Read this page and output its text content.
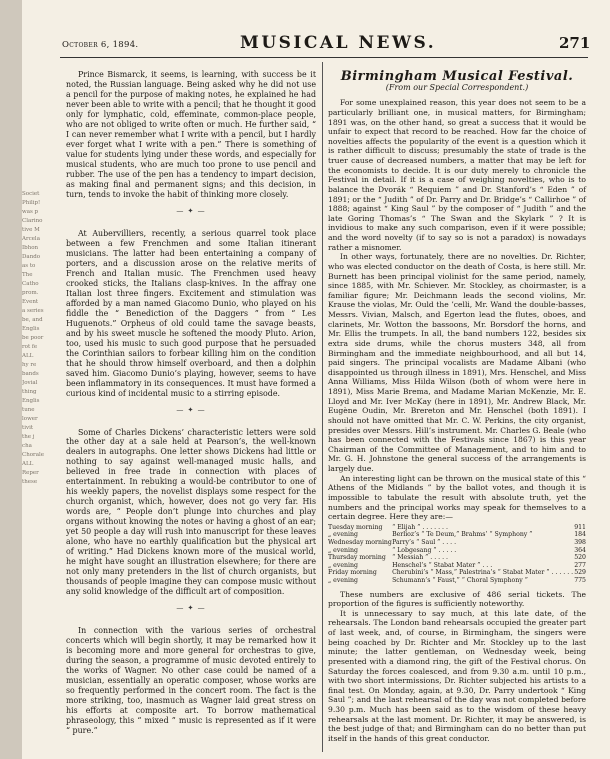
Societ
Philip!
was p
Clarino
tive M
Arcela
Ibhon
Dando
as to
The
Catho
prom.
Event
a series
be, and
Englis
be poor
rot fe
ALL
hy re
bands
Jovial
thing
Englis
tune
lower
tivit
the j
cha
Chorale
ALL
Reper
these
October 6, 1894.	MUSICAL NEWS.	271

Prince Bismarck, it seems, is learning, with success be it noted, the Russian language. Being asked why he did not use a pencil for the purpose of making notes, he explained he had never been able to write with a pencil; that he thought it good only for lymphatic, cold, effeminate, common-place people, who are not obliged to write often or much. He further said, “ I can never remember what I write with a pencil, but I hardly ever forget what I write with a pen.” There is something of value for students lying under these words, and especially for musical students, who are much too prone to use pencil and rubber. The use of the pen has a tendency to impart decision, as making final and permanent signs; and this decision, in turn, tends to invoke the habit of thinking more closely.

— ✦ —

At Aubervilliers, recently, a serious quarrel took place between a few Frenchmen and some Italian itinerant musicians. The latter had been entertaining a company of porters, and a discussion arose on the relative merits of French and Italian music. The Frenchmen used heavy crooked sticks, the Italians clasp-knives. In the affray one Italian lost three fingers. Excitement and stimulation was afforded by a man named Giacomo Dunio, who played on his fiddle the “ Benediction of the Daggers ” from “ Les Huguenots.” Orpheus of old could tame the savage beasts, and by his sweet muscle he softened the moody Pluto. Arion, too, used his music to such good purpose that he persuaded the Corinthian sailors to forbear killing him on the condition that he should throw himself overboard, and then a dolphin saved him. Giacomo Dunio’s playing, however, seems to have been inflammatory in its consequences. It must have formed a curious kind of incidental music to a stirring episode.

— ✦ —

Some of Charles Dickens’ characteristic letters were sold the other day at a sale held at Pearson’s, the well-known dealers in autographs. One letter shows Dickens had little or nothing to say against well-managed music halls, and believed in free trade in connection with places of entertainment. In rebuking a would-be contributor to one of his weekly papers, the novelist displays some respect for the church organist, which, however, does not go very far. His words are, “ People don’t plunge into churches and play organs without knowing the notes or having a ghost of an ear; yet 50 people a day will rush into manuscript for these leaves alone, who have no earthly qualification but the physical art of writing.” Had Dickens known more of the musical world, he might have sought an illustration elsewhere; for there are not only many pretenders in the list of church organists, but thousands of people imagine they can compose music without any solid knowledge of the difficult art of composition.

— ✦ —

In connection with the various series of orchestral concerts which will begin shortly, it may be remarked how it is becoming more and more general for orchestras to give, during the season, a programme of music devoted entirely to the works of Wagner. No other case could be named of a musician, essentially an operatic composer, whose works are so frequently performed in the concert room. The fact is the more striking, too, inasmuch as Wagner laid great stress on his efforts at composite art. To borrow mathematical phraseology, this “ mixed ” music is represented as if it were “ pure.”

Birmingham Musical Festival.
(From our Special Correspondent.)

For some unexplained reason, this year does not seem to be a particularly brilliant one, in musical matters, for Birmingham; 1891 was, on the other hand, so great a success that it would be unfair to expect that record to be reached. How far the choice of novelties affects the popularity of the event is a question which it is rather difficult to discuss; presumably the state of trade is the truer cause of decreased numbers, a matter that may be left for the economists to decide. It is our duty merely to chronicle the Festival in detail. If it is a case of weighing novelties, who is to balance the Dvorák “ Requiem ” and Dr. Stanford’s “ Eden ” of 1891; or the “ Judith ” of Dr. Parry and Dr. Bridge’s “ Callirhoe ” of 1888; against “ King Saul ” by the composer of “ Judith ” and the late Goring Thomas’s “ The Swan and the Skylark ” ? It is invidious to make any such comparison, even if it were possible; and the word novelty (if to say so is not a paradox) is nowadays rather a misnomer.

In other ways, fortunately, there are no novelties. Dr. Richter, who was elected conductor on the death of Costa, is here still. Mr. Burnett has been principal violinist for the same period, namely, since 1885, with Mr. Schiever. Mr. Stockley, as choirmaster, is a familiar figure; Mr. Deichmann leads the second violins, Mr. Krause the violas, Mr. Ould the ’celli, Mr. Wand the double-basses, Messrs. Vivian, Malsch, and Egerton lead the flutes, oboes, and clarinets, Mr. Wotton the bassoons, Mr. Borsdorf the horns, and Mr. Ellis the trumpets. In all, the band numbers 122, besides six extra side drums, while the chorus musters 348, all from Birmingham and the immediate neighbourhood, and all but 14, paid singers. The principal vocalists are Madame Albani (who disappointed us through illness in 1891), Mrs. Henschel, and Miss Anna Williams, Miss Hilda Wilson (both of whom were here in 1891), Miss Marie Brema, and Madame Marian McKenzie, Mr. E. Lloyd and Mr. Iver McKay (here in 1891), Mr. Andrew Black, Mr. Eugène Oudin, Mr. Brereton and Mr. Henschel (both 1891). I should not have omitted that Mr. C. W. Perkins, the city organist, presides over Messrs. Hill’s instrument. Mr. Charles G. Beale (who has been connected with the Festivals since 1867) is this year Chairman of the Committee of Management, and to him and to Mr. G. H. Johnstone the general success of the arrangements is largely due.

An interesting light can be thrown on the musical state of this “ Athens of the Midlands ” by the ballot votes, and though it is impossible to tabulate the result with absolute truth, yet the numbers and the principal works may speak for themselves to a certain degree. Here they are:—

Tuesday morning	“ Elijah ” . . . . . . .	911
„ evening	Berlioz’s “ Te Deum,” Brahms’ “ Symphony ”	184
Wednesday morning	Parry’s “ Saul ” . . . .	398
„ evening	“ Lobgesang ” . . . . .	364
Thursday morning	“ Messiah ” . . . . .	520
„ evening	Henschel’s “ Stabat Mater ” . . .	277
Friday morning	Cherubini’s “ Mass,” Palestrina’s “ Stabat Mater ” . . . . . .	529
„ evening	Schumann’s “ Faust,” “ Choral Symphony ”	775

These numbers are exclusive of 486 serial tickets. The proportion of the figures is sufficiently noteworthy.

It is unnecessary to say much, at this late date, of the rehearsals. The London band rehearsals occupied the greater part of last week, and, of course, in Birmingham, the singers were being coached by Dr. Richter and Mr. Stockley up to the last minute; the latter gentleman, on Wednesday week, being presented with a diamond ring, the gift of the Festival chorus. On Saturday the forces coalesced, and from 9.30 a.m. until 10 p.m., with two short intermissions, Dr. Richter subjected his artists to a final test. On Monday, again, at 9.30, Dr. Parry undertook “ King Saul ”; and the last rehearsal of the day was not completed before 9.30 p.m. Much has been said as to the wisdom of these heavy rehearsals at the last moment. Dr. Richter, it may be answered, is the best judge of that; and Birmingham can do no better than put itself in the hands of this great conductor.
